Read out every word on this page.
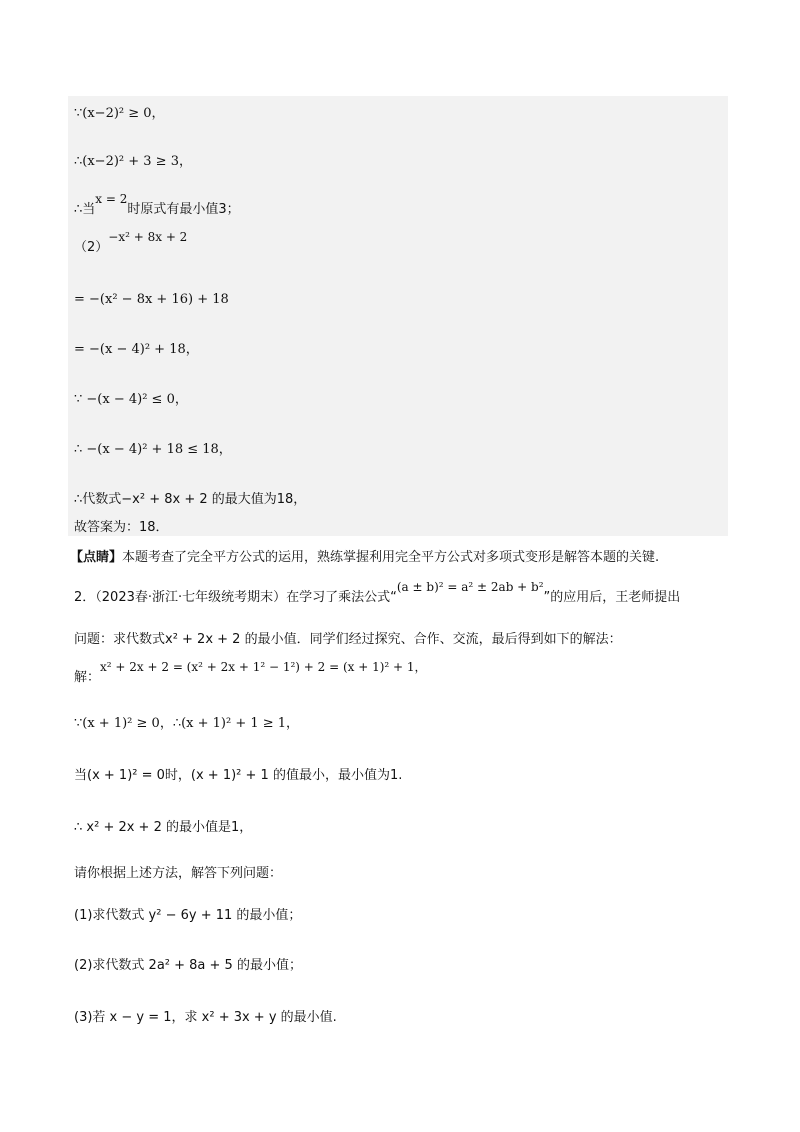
∵(x−2)² ≥ 0，
∴(x−2)² + 3 ≥ 3，
∴当x = 2时原式有最小值3；
（2）−x² + 8x + 2
= −(x² − 8x + 16) + 18
= −(x − 4)² + 18，
∵ −(x − 4)² ≤ 0，
∴ −(x − 4)² + 18 ≤ 18，
∴代数式−x² + 8x + 2 的最大值为18，
故答案为：18．
【点睛】本题考查了完全平方公式的运用，熟练掌握利用完全平方公式对多项式变形是解答本题的关键.
2．（2023春·浙江·七年级统考期末）在学习了乘法公式“(a ± b)² = a² ± 2ab + b²”的应用后，王老师提出
问题：求代数式x² + 2x + 2 的最小值．同学们经过探究、合作、交流，最后得到如下的解法：
解：x² + 2x + 2 = (x² + 2x + 1² − 1²) + 2 = (x + 1)² + 1，
∵(x + 1)² ≥ 0，∴(x + 1)² + 1 ≥ 1，
当(x + 1)² = 0时，(x + 1)² + 1 的值最小，最小值为1.
∴ x² + 2x + 2 的最小值是1，
请你根据上述方法，解答下列问题：
(1)求代数式 y² − 6y + 11 的最小值；
(2)求代数式 2a² + 8a + 5 的最小值；
(3)若 x − y = 1，求 x² + 3x + y 的最小值.
